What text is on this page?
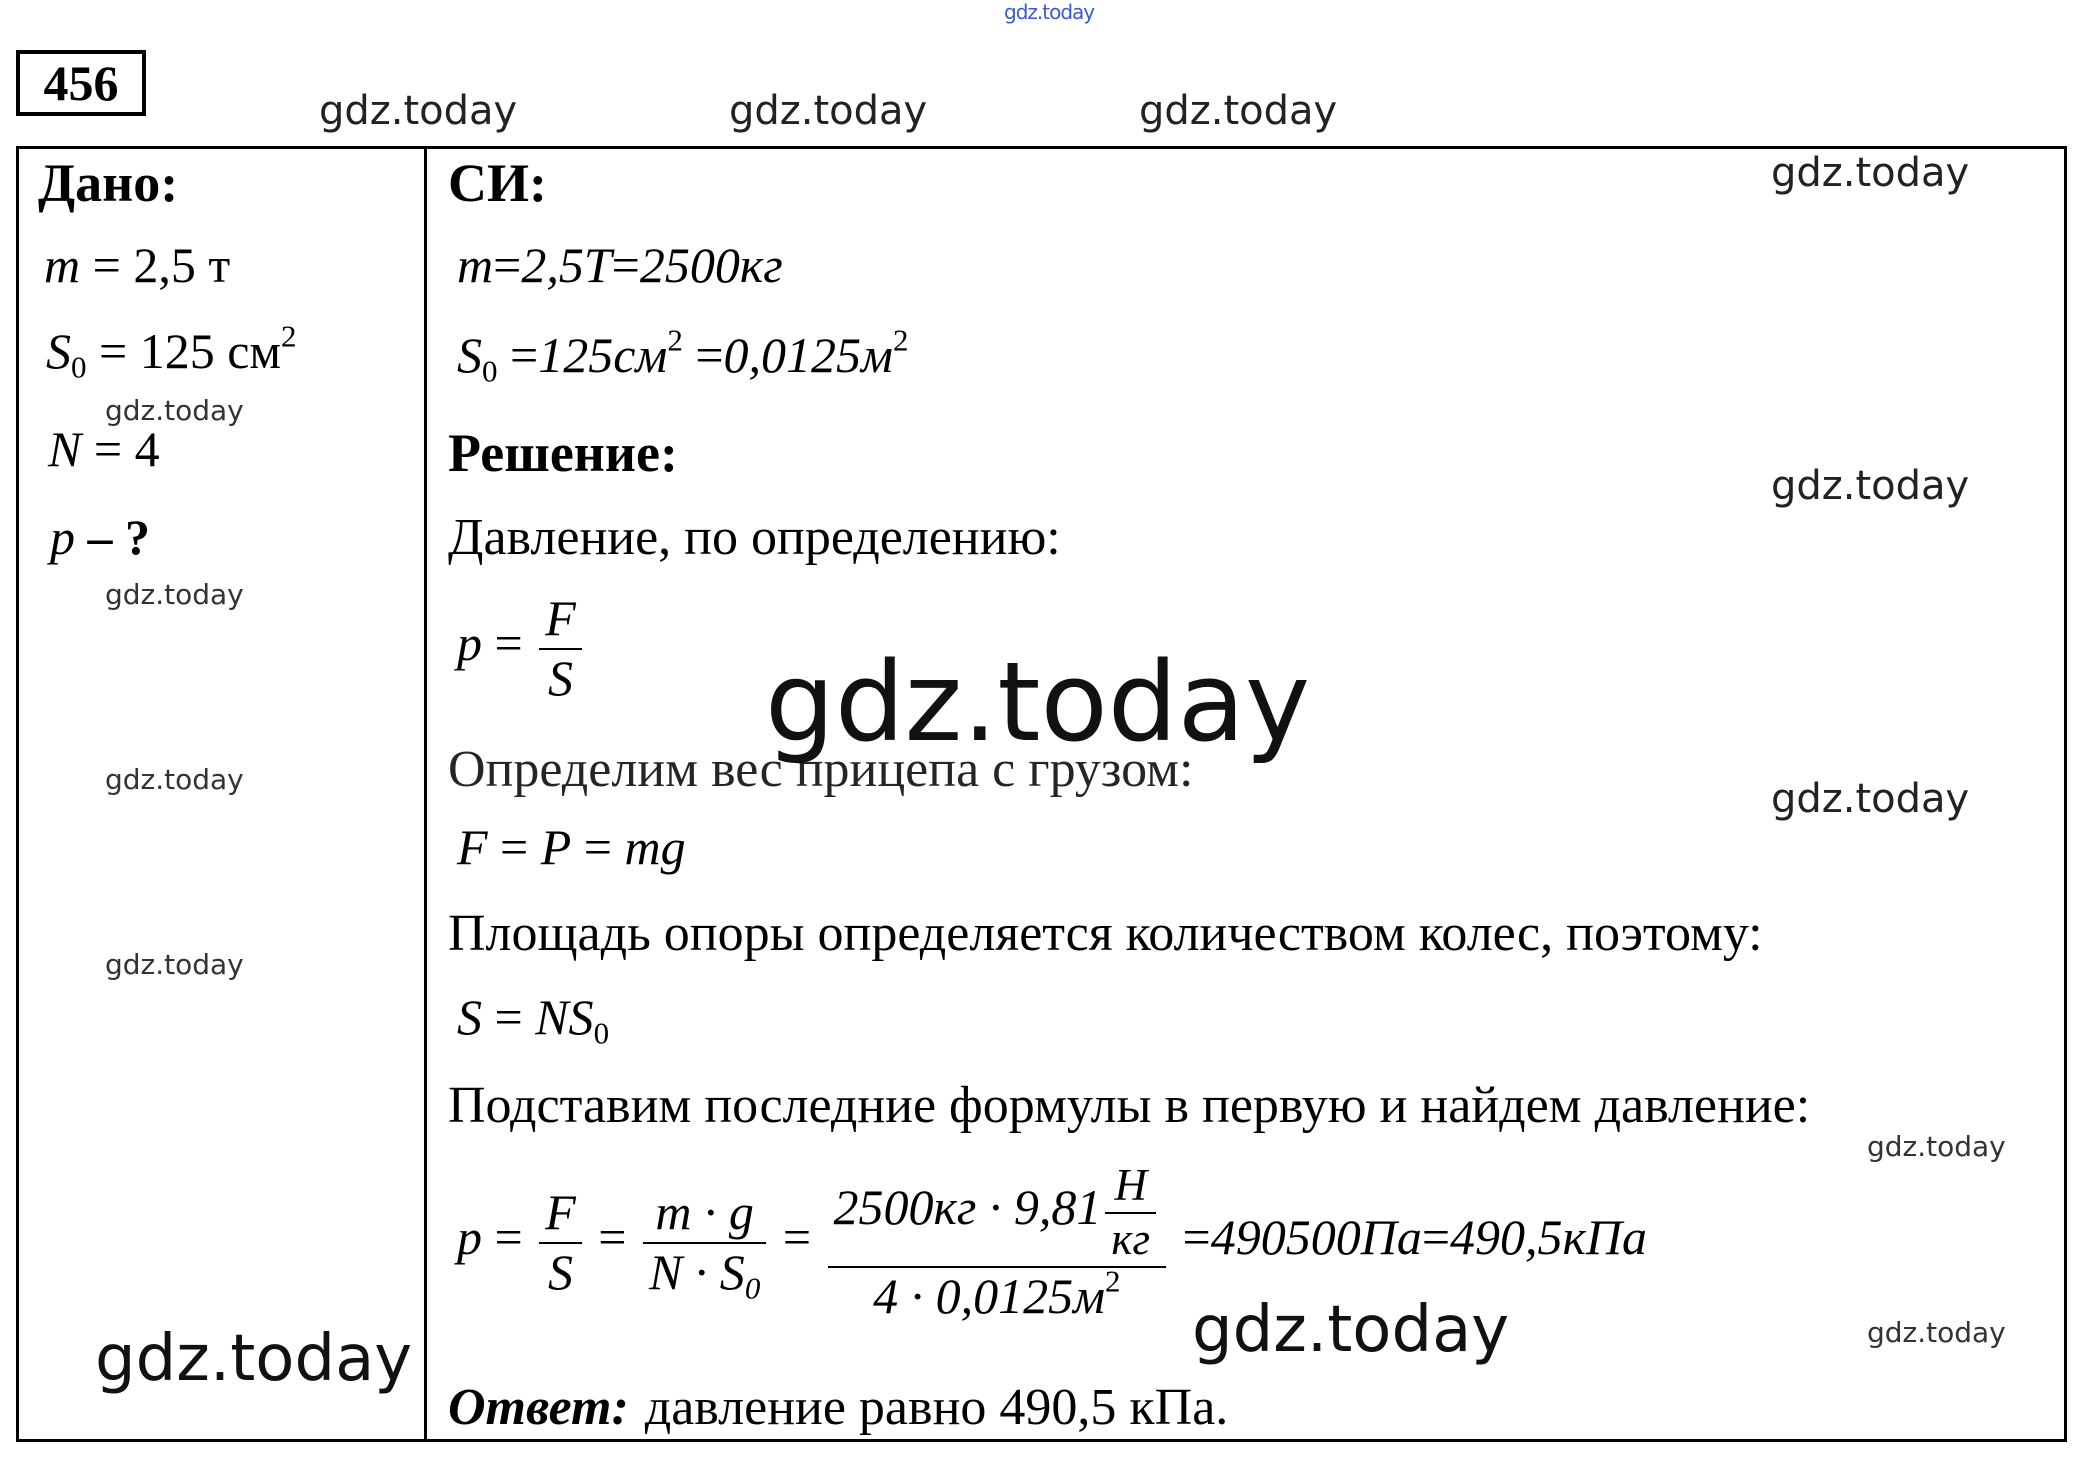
gdz.today
456	gdz.today	gdz.today	gdz.today
Дано:
m = 2,5 т
$S_0 = 125$ $см^2$
gdz.today
N = 4
p – ?
gdz.today
gdz.today
gdz.today
gdz.today
СИ:	gdz.today
m=2,5T=2500кг
$S_0 =125см^2 =0,0125м^2$
Решение:
gdz.today
Давление, по определению:
$p = \frac{F}{S}$ gdz.today
Определим вес прицепа с грузом:
gdz.today
F = P = mg
Площадь опоры определяется количеством колес, поэтому:
$S = NS_0$
Подставим последние формулы в первую и найдем давление:
gdz.today
$p = \frac{F}{S} = \frac{m \cdot g}{N \cdot S_0} = \frac{2500кг \cdot 9,81 \frac{Н}{кг}}{4 \cdot 0,0125м^2} =490500Па=490,5кПа$
gdz.today	gdz.today
Ответ: давление равно 490,5 кПа.
